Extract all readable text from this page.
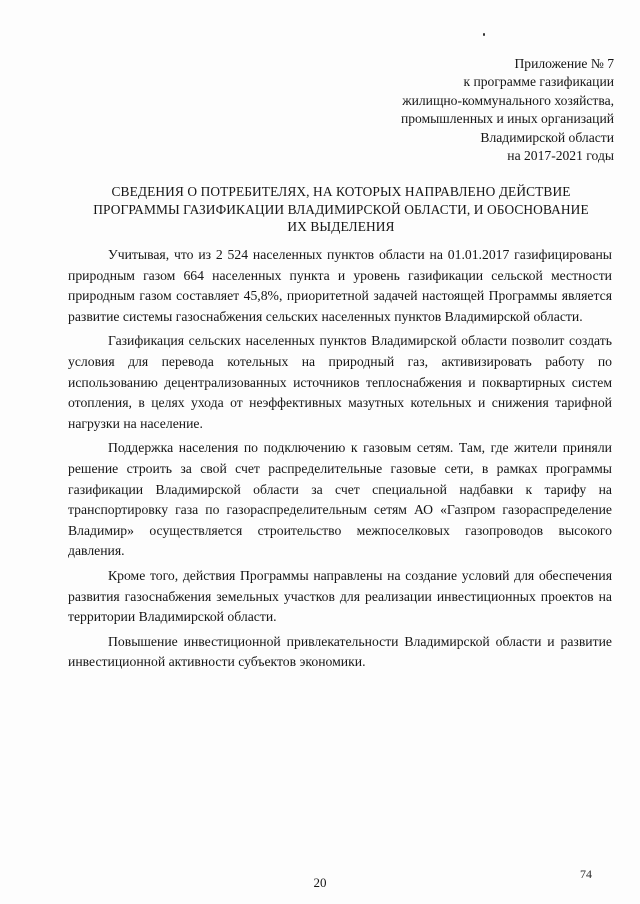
Приложение № 7
к программе газификации
жилищно-коммунального хозяйства,
промышленных и иных организаций
Владимирской области
на 2017-2021 годы
СВЕДЕНИЯ О ПОТРЕБИТЕЛЯХ, НА КОТОРЫХ НАПРАВЛЕНО ДЕЙСТВИЕ
ПРОГРАММЫ ГАЗИФИКАЦИИ ВЛАДИМИРСКОЙ ОБЛАСТИ, И ОБОСНОВАНИЕ
ИХ ВЫДЕЛЕНИЯ

Учитывая, что из 2 524 населенных пунктов области на 01.01.2017 газифицированы природным газом 664 населенных пункта и уровень газификации сельской местности природным газом составляет 45,8%, приоритетной задачей настоящей Программы является развитие системы газоснабжения сельских населенных пунктов Владимирской области.

Газификация сельских населенных пунктов Владимирской области позволит создать условия для перевода котельных на природный газ, активизировать работу по использованию децентрализованных источников теплоснабжения и поквартирных систем отопления, в целях ухода от неэффективных мазутных котельных и снижения тарифной нагрузки на население.

Поддержка населения по подключению к газовым сетям. Там, где жители приняли решение строить за свой счет распределительные газовые сети, в рамках программы газификации Владимирской области за счет специальной надбавки к тарифу на транспортировку газа по газораспределительным сетям АО «Газпром газораспределение Владимир» осуществляется строительство межпоселковых газопроводов высокого давления.

Кроме того, действия Программы направлены на создание условий для обеспечения развития газоснабжения земельных участков для реализации инвестиционных проектов на территории Владимирской области.

Повышение инвестиционной привлекательности Владимирской области и развитие инвестиционной активности субъектов экономики.

74
20
